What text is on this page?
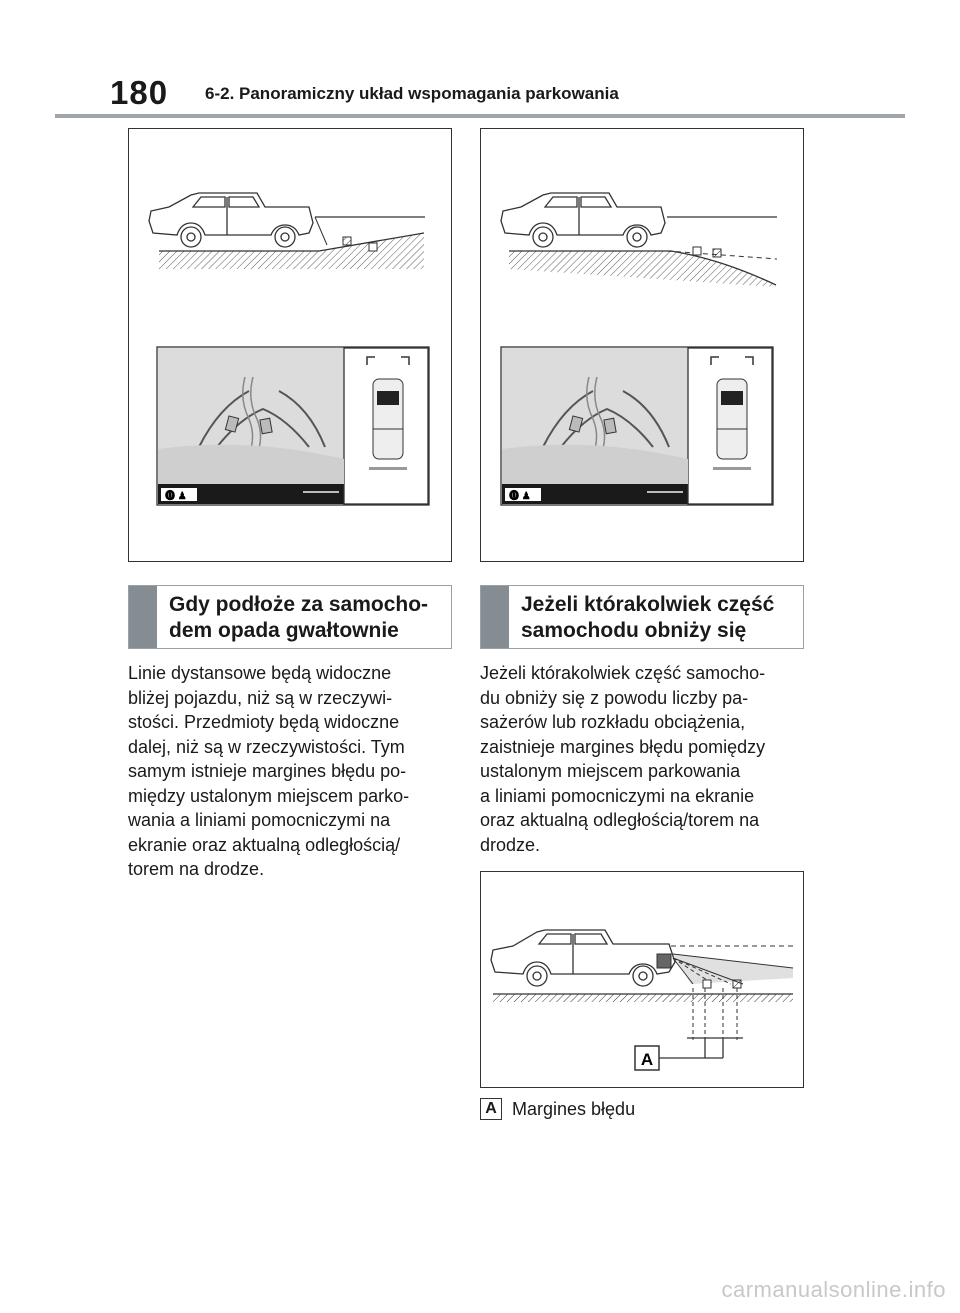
180 6-2. Panoramiczny układ wspomagania parkowania
⓿ ♟	⓿ ♟
Gdy podłoże za samocho-
dem opada gwałtownie
Jeżeli którakolwiek część
samochodu obniży się
Linie dystansowe będą widoczne
bliżej pojazdu, niż są w rzeczywi-
stości. Przedmioty będą widoczne
dalej, niż są w rzeczywistości. Tym
samym istnieje margines błędu po-
między ustalonym miejscem parko-
wania a liniami pomocniczymi na
ekranie oraz aktualną odległością/
torem na drodze.
Jeżeli którakolwiek część samocho-
du obniży się z powodu liczby pa-
sażerów lub rozkładu obciążenia,
zaistnieje margines błędu pomiędzy
ustalonym miejscem parkowania
a liniami pomocniczymi na ekranie
oraz aktualną odległością/torem na
drodze.
A
A Margines błędu
carmanualsonline.info
